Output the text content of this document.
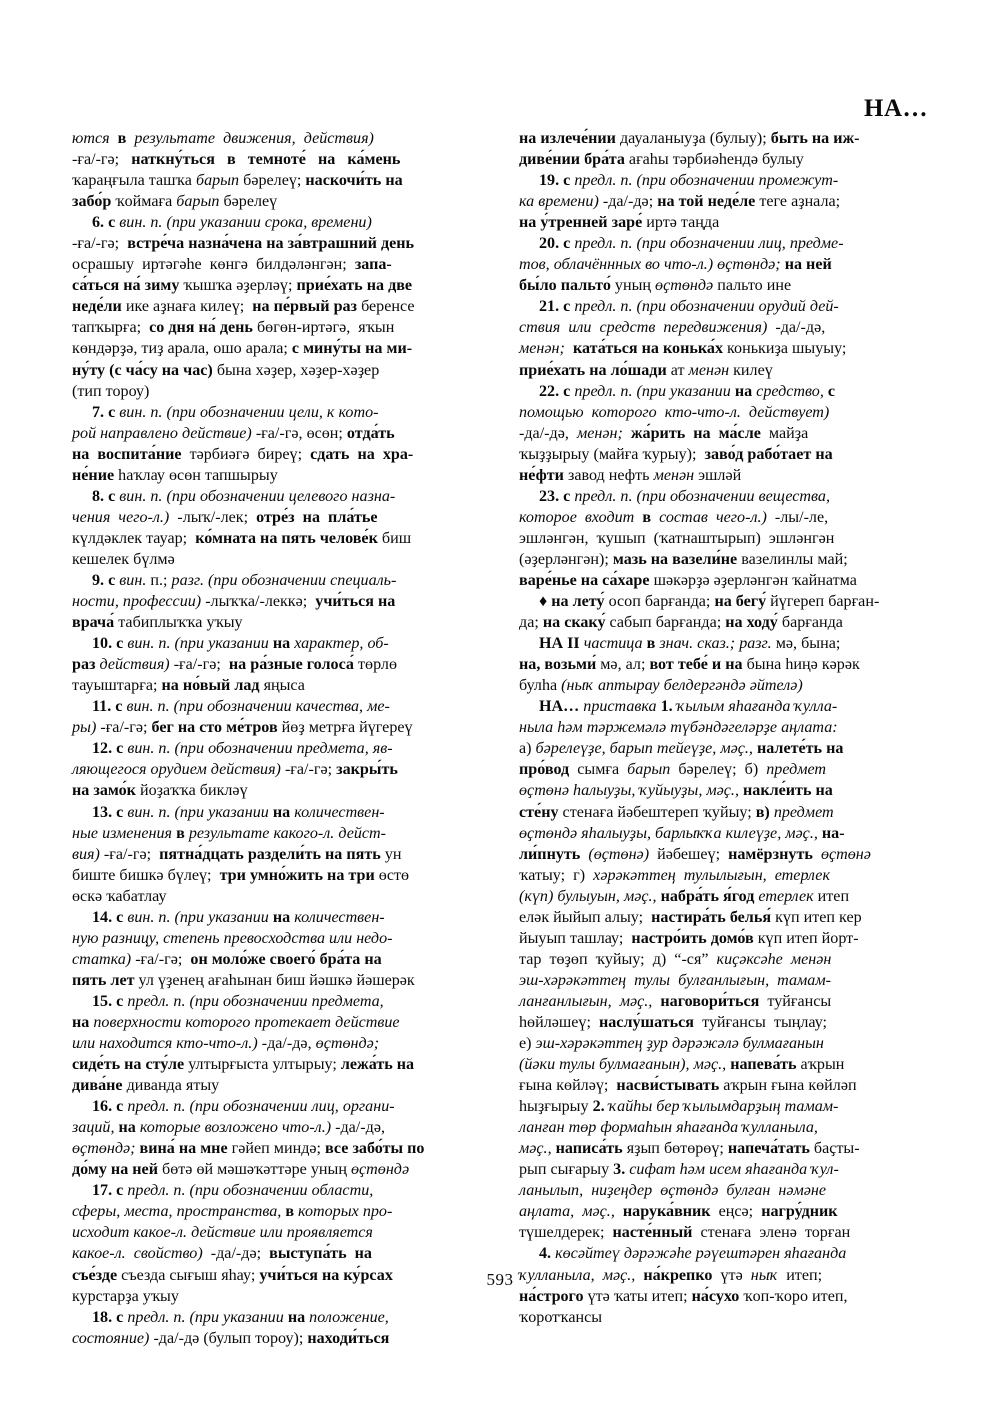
НА…
ются в результате движения, действия)
-ға/-гә; наткну́ться в темноте́ на ка́мень
ҡараңғыла ташҡа барып бәрелеү; наскочи́ть на
забо́р ҡоймаға барып бәрелеү
6. с вин. п. (при указании срока, времени)
-ға/-гә; встре́ча назна́чена на за́втрашний день
осрашыу иртәгәһе көнгә билдәләнгән; запа-
са́ться на́ зиму ҡышҡа әҙерләү; прие́хать на две
неде́ли ике аҙнаға килеү; на пе́рвый раз беренсе
тапҡырға; со дня на́ день бөгөн-иртәгә, яҡын
көндәрҙә, тиҙ арала, ошо арала; с мину́ты на ми-
ну́ту (с ча́су на час) бына хәҙер, хәҙер-хәҙер
(тип тороу)
7. с вин. п. (при обозначении цели, к кото-
рой направлено действие) -ға/-гә, өсөн; отда́ть
на воспита́ние тәрбиәгә биреү; сдать на хра-
не́ние һаҡлау өсөн тапшырыу
8. с вин. п. (при обозначении целевого назна-
чения чего-л.) -лыҡ/-лек; отре́з на пла́тье
күлдәклек тауар; ко́мната на пять челове́к биш
кешелек бүлмә
9. с вин. п.; разг. (при обозначении специаль-
ности, профессии) -лыҡҡа/-леккә; учи́ться на
врача́ табиплыҡҡа уҡыу
10. с вин. п. (при указании на характер, об-
раз действия) -ға/-гә; на ра́зные голоса́ төрлө
тауыштарға; на но́вый лад яңыса
11. с вин. п. (при обозначении качества, ме-
ры) -ға/-гә; бег на сто ме́тров йөҙ метрға йүгереү
12. с вин. п. (при обозначении предмета, яв-
ляющегося орудием действия) -ға/-гә; закры́ть
на замо́к йоҙаҡҡа бикләү
13. с вин. п. (при указании на количествен-
ные изменения в результате какого-л. дейст-
вия) -ға/-гә; пятна́дцать раздели́ть на пять ун
биште бишкә бүлеү; три умно́жить на три өстө
өскә ҡабатлау
14. с вин. п. (при указании на количествен-
ную разницу, степень превосходства или недо-
статка) -ға/-гә; он моло́же своего́ бра́та на
пять лет ул үҙенең ағаһынан биш йәшкә йәшерәк
15. с предл. п. (при обозначении предмета,
на поверхности которого протекает действие
или находится кто-что-л.) -да/-дә, өҫтөндә;
сиде́ть на сту́ле ултырғыста ултырыу; лежа́ть на
дива́не диванда ятыу
16. с предл. п. (при обозначении лиц, органи-
заций, на которые возложено что-л.) -да/-дә,
өҫтөндә; вина́ на мне гәйеп миндә; все забо́ты по
до́му на ней бөтә өй мәшәҡәттәре уның өҫтөндә
17. с предл. п. (при обозначении области,
сферы, места, пространства, в которых про-
исходит какое-л. действие или проявляется
какое-л. свойство) -да/-дә; выступа́ть на
съе́зде съезда сығыш яһау; учи́ться на ку́рсах
курстарҙа уҡыу
18. с предл. п. (при указании на положение,
состояние) -да/-дә (булып тороу); находи́ться
на излече́нии дауаланыуҙа (булыу); быть на иж-
диве́нии бра́та ағаһы тәрбиәһендә булыу
19. с предл. п. (при обозначении промежут-
ка времени) -да/-дә; на той неде́ле теге аҙнала;
на у́тренней заре́ иртә таңда
20. с предл. п. (при обозначении лиц, предме-
тов, облачённных во что-л.) өҫтөндә; на ней
бы́ло пальто́ уның өҫтөндә пальто ине
21. с предл. п. (при обозначении орудий дей-
ствия или средств передвижения) -да/-дә,
менән; ката́ться на конька́х конькиҙа шыуыу;
прие́хать на ло́шади ат менән килеү
22. с предл. п. (при указании на средство, с
помощью которого кто-что-л. действует)
-да/-дә, менән; жа́рить на ма́сле майҙа
ҡыҙҙырыу (майға ҡурыу); заво́д рабо́тает на
не́фти завод нефть менән эшләй
23. с предл. п. (при обозначении вещества,
которое входит в состав чего-л.) -лы/-ле,
эшләнгән, ҡушып (ҡатнаштырып) эшләнгән
(әҙерләнгән); мазь на вазели́не вазелинлы май;
варе́нье на са́харе шәкәрҙә әҙерләнгән ҡайнатма
♦ на лету́ осоп барғанда; на бегу́ йүгереп барған-
да; на скаку́ сабып барғанда; на ходу́ барғанда
НА II частица в знач. сказ.; разг. мә, бына;
на, возьми́ мә, ал; вот тебе́ и на бына һиңә кәрәк
булһа (ныҡ аптырау белдергәндә әйтелә)
НА… приставка 1. ҡылым яһағанда ҡулла-
ныла һәм тәржемәлә түбәндәгеләрҙе аңлата:
а) бәрелеүҙе, барып тейеүҙе, мәҫ., налете́ть на
про́вод сымға барып бәрелеү; б) предмет
өҫтөнә һалыуҙы, ҡуйыуҙы, мәҫ., накле́ить на
сте́ну стенаға йәбештереп ҡуйыу; в) предмет
өҫтөндә яһалыуҙы, барлыҡҡа килеүҙе, мәҫ., на-
ли́пнуть (өҫтөнә) йәбешеү; намёрзнуть өҫтөнә
ҡатыу; г) хәрәкәттең тулылығын, етерлек
(күп) булыуын, мәҫ., набра́ть я́год етерлек итеп
еләк йыйып алыу; настира́ть белья́ күп итеп кер
йыуып ташлау; настро́ить домо́в күп итеп йорт-
тар төҙөп ҡуйыу; д) “-ся” киҫәксәһе менән
эш-хәрәкәттең тулы булғанлығын, тамам-
ланғанлығын, мәҫ., наговори́ться туйғансы
һөйләшеү; наслу́шаться туйғансы тыңлау;
е) эш-хәрәкәттең ҙур дәрәжәлә булмағанын
(йәки тулы булмағанын), мәҫ., напева́ть аҡрын
ғына көйләү; насви́стывать аҡрын ғына көйләп
һыҙғырыу 2. ҡайһы бер ҡылымдарҙың тамам-
ланған төр формаһын яһағанда ҡулланыла,
мәҫ., написа́ть яҙып бөтөрөү; напеча́тать баҫты-
рып сығарыу 3. сифат һәм исем яһағанда ҡул-
ланылып, ниҙеңдер өҫтөндә булған нәмәне
аңлата, мәҫ., нарука́вник еңсә; нагру́дник
түшелдерек; насте́нный стенаға эленә торған
4. көсәйтеү дәрәжәһе рәүештәрен яһағанда
ҡулланыла, мәҫ., на́крепко үтә ныҡ итеп;
на́строго үтә ҡаты итеп; на́сухо ҡоп-ҡоро итеп,
ҡоротҡансы
593
